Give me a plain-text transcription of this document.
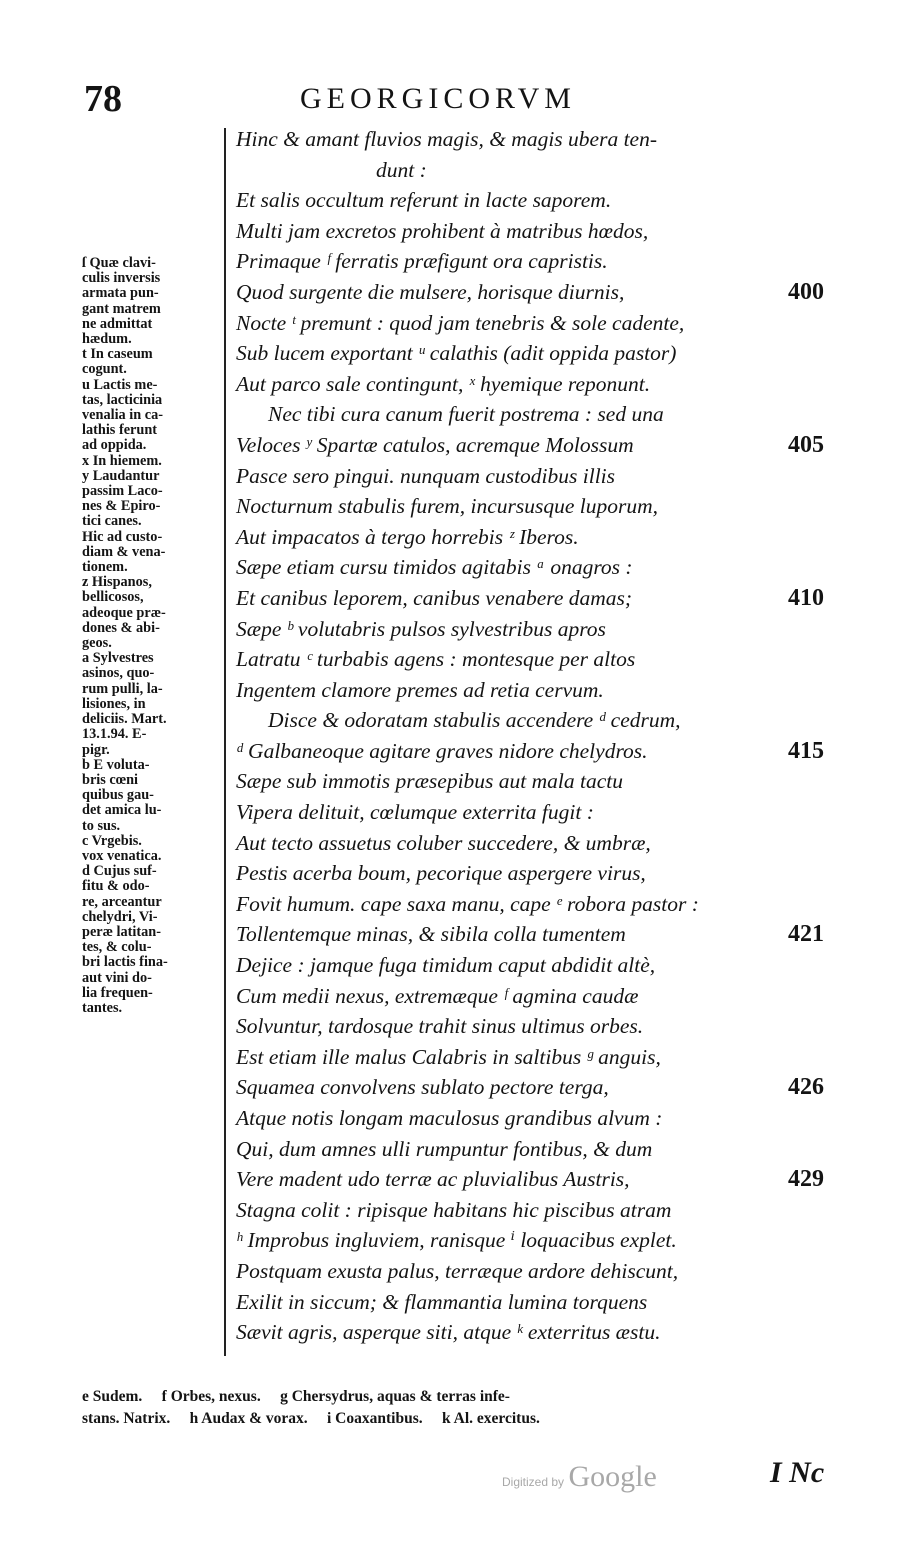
78	GEORGICORVM
ſ Quæ clavi-
culis inversis
armata pun-
gant matrem
ne admittat
hædum.
t In caseum
cogunt.
u Lactis me-
tas, lacticinia
venalia in ca-
lathis ferunt
ad oppida.
x In hiemem.
y Laudantur
passim Laco-
nes & Epiro-
tici canes.
Hic ad custo-
diam & vena-
tionem.
z Hispanos,
bellicosos,
adeoque præ-
dones & abi-
geos.
a Sylvestres
asinos, quo-
rum pulli, la-
lisiones, in
deliciis. Mart.
13.1.94. E-
pigr.
b E voluta-
bris cœni
quibus gau-
det amica lu-
to sus.
c Vrgebis.
vox venatica.
d Cujus suf-
fitu & odo-
re, arceantur
chelydri, Vi-
peræ latitan-
tes, & colu-
bri lactis fina-
aut vini do-
lia frequen-
tantes.
Hinc & amant fluvios magis, & magis ubera ten-
dunt :
Et salis occultum referunt in lacte saporem.
Multi jam excretos prohibent à matribus hœdos,
Primaque ᶠ ferratis præfigunt ora capristis.
Quod surgente die mulsere, horisque diurnis,	400
Nocte ᵗ premunt : quod jam tenebris & sole cadente,
Sub lucem exportant ᵘ calathis (adit oppida pastor)
Aut parco sale contingunt, ˣ hyemique reponunt.
Nec tibi cura canum fuerit postrema : sed una
Veloces ʸ Spartæ catulos, acremque Molossum	405
Pasce sero pingui. nunquam custodibus illis
Nocturnum stabulis furem, incursusque luporum,
Aut impacatos à tergo horrebis ᶻ Iberos.
Sæpe etiam cursu timidos agitabis ᵃ onagros :
Et canibus leporem, canibus venabere damas;	410
Sæpe ᵇ volutabris pulsos sylvestribus apros
Latratu ᶜ turbabis agens : montesque per altos
Ingentem clamore premes ad retia cervum.
Disce & odoratam stabulis accendere ᵈ cedrum,
ᵈ Galbaneoque agitare graves nidore chelydros.	415
Sæpe sub immotis præsepibus aut mala tactu
Vipera delituit, cœlumque exterrita fugit :
Aut tecto assuetus coluber succedere, & umbræ,
Pestis acerba boum, pecorique aspergere virus,
Fovit humum. cape saxa manu, cape ᵉ robora pastor :
Tollentemque minas, & sibila colla tumentem	421
Dejice : jamque fuga timidum caput abdidit altè,
Cum medii nexus, extremæque ᶠ agmina caudæ
Solvuntur, tardosque trahit sinus ultimus orbes.
Est etiam ille malus Calabris in saltibus ᵍ anguis,
Squamea convolvens sublato pectore terga,	426
Atque notis longam maculosus grandibus alvum :
Qui, dum amnes ulli rumpuntur fontibus, & dum
Vere madent udo terræ ac pluvialibus Austris,	429
Stagna colit : ripisque habitans hic piscibus atram
ʰ Improbus ingluviem, ranisque ⁱ loquacibus explet.
Postquam exusta palus, terræque ardore dehiscunt,
Exilit in siccum; & flammantia lumina torquens
Sævit agris, asperque siti, atque ᵏ exterritus æstu.
e Sudem.     f Orbes, nexus.     g Chersydrus, aquas & terras infe-
stans. Natrix.     h Audax & vorax.     i Coaxantibus.     k Al. exercitus.
Digitized by Google	I Nc
